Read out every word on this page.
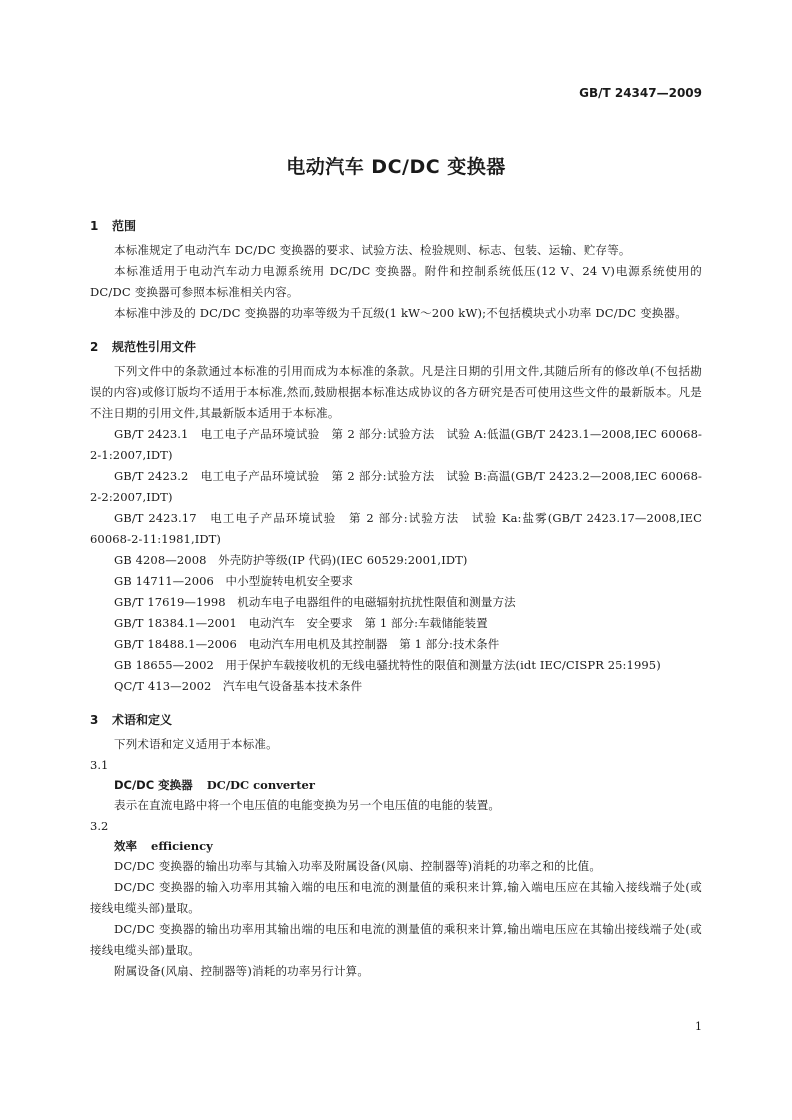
GB/T 24347—2009
电动汽车 DC/DC 变换器
1 范围

本标准规定了电动汽车 DC/DC 变换器的要求、试验方法、检验规则、标志、包装、运输、贮存等。

本标准适用于电动汽车动力电源系统用 DC/DC 变换器。附件和控制系统低压(12 V、24 V)电源系统使用的 DC/DC 变换器可参照本标准相关内容。

本标准中涉及的 DC/DC 变换器的功率等级为千瓦级(1 kW～200 kW);不包括模块式小功率 DC/DC 变换器。

2 规范性引用文件

下列文件中的条款通过本标准的引用而成为本标准的条款。凡是注日期的引用文件,其随后所有的修改单(不包括勘误的内容)或修订版均不适用于本标准,然而,鼓励根据本标准达成协议的各方研究是否可使用这些文件的最新版本。凡是不注日期的引用文件,其最新版本适用于本标准。

GB/T 2423.1　电工电子产品环境试验　第 2 部分:试验方法　试验 A:低温(GB/T 2423.1—2008,IEC 60068-2-1:2007,IDT)

GB/T 2423.2　电工电子产品环境试验　第 2 部分:试验方法　试验 B:高温(GB/T 2423.2—2008,IEC 60068-2-2:2007,IDT)

GB/T 2423.17　电工电子产品环境试验　第 2 部分:试验方法　试验 Ka:盐雾(GB/T 2423.17—2008,IEC 60068-2-11:1981,IDT)

GB 4208—2008　外壳防护等级(IP 代码)(IEC 60529:2001,IDT)

GB 14711—2006　中小型旋转电机安全要求

GB/T 17619—1998　机动车电子电器组件的电磁辐射抗扰性限值和测量方法

GB/T 18384.1—2001　电动汽车　安全要求　第 1 部分:车载储能装置

GB/T 18488.1—2006　电动汽车用电机及其控制器　第 1 部分:技术条件

GB 18655—2002　用于保护车载接收机的无线电骚扰特性的限值和测量方法(idt IEC/CISPR 25:1995)

QC/T 413—2002　汽车电气设备基本技术条件

3 术语和定义

下列术语和定义适用于本标准。

3.1

DC/DC 变换器 DC/DC converter

表示在直流电路中将一个电压值的电能变换为另一个电压值的电能的装置。

3.2

效率 efficiency

DC/DC 变换器的输出功率与其输入功率及附属设备(风扇、控制器等)消耗的功率之和的比值。

DC/DC 变换器的输入功率用其输入端的电压和电流的测量值的乘积来计算,输入端电压应在其输入接线端子处(或接线电缆头部)量取。

DC/DC 变换器的输出功率用其输出端的电压和电流的测量值的乘积来计算,输出端电压应在其输出接线端子处(或接线电缆头部)量取。

附属设备(风扇、控制器等)消耗的功率另行计算。

1
